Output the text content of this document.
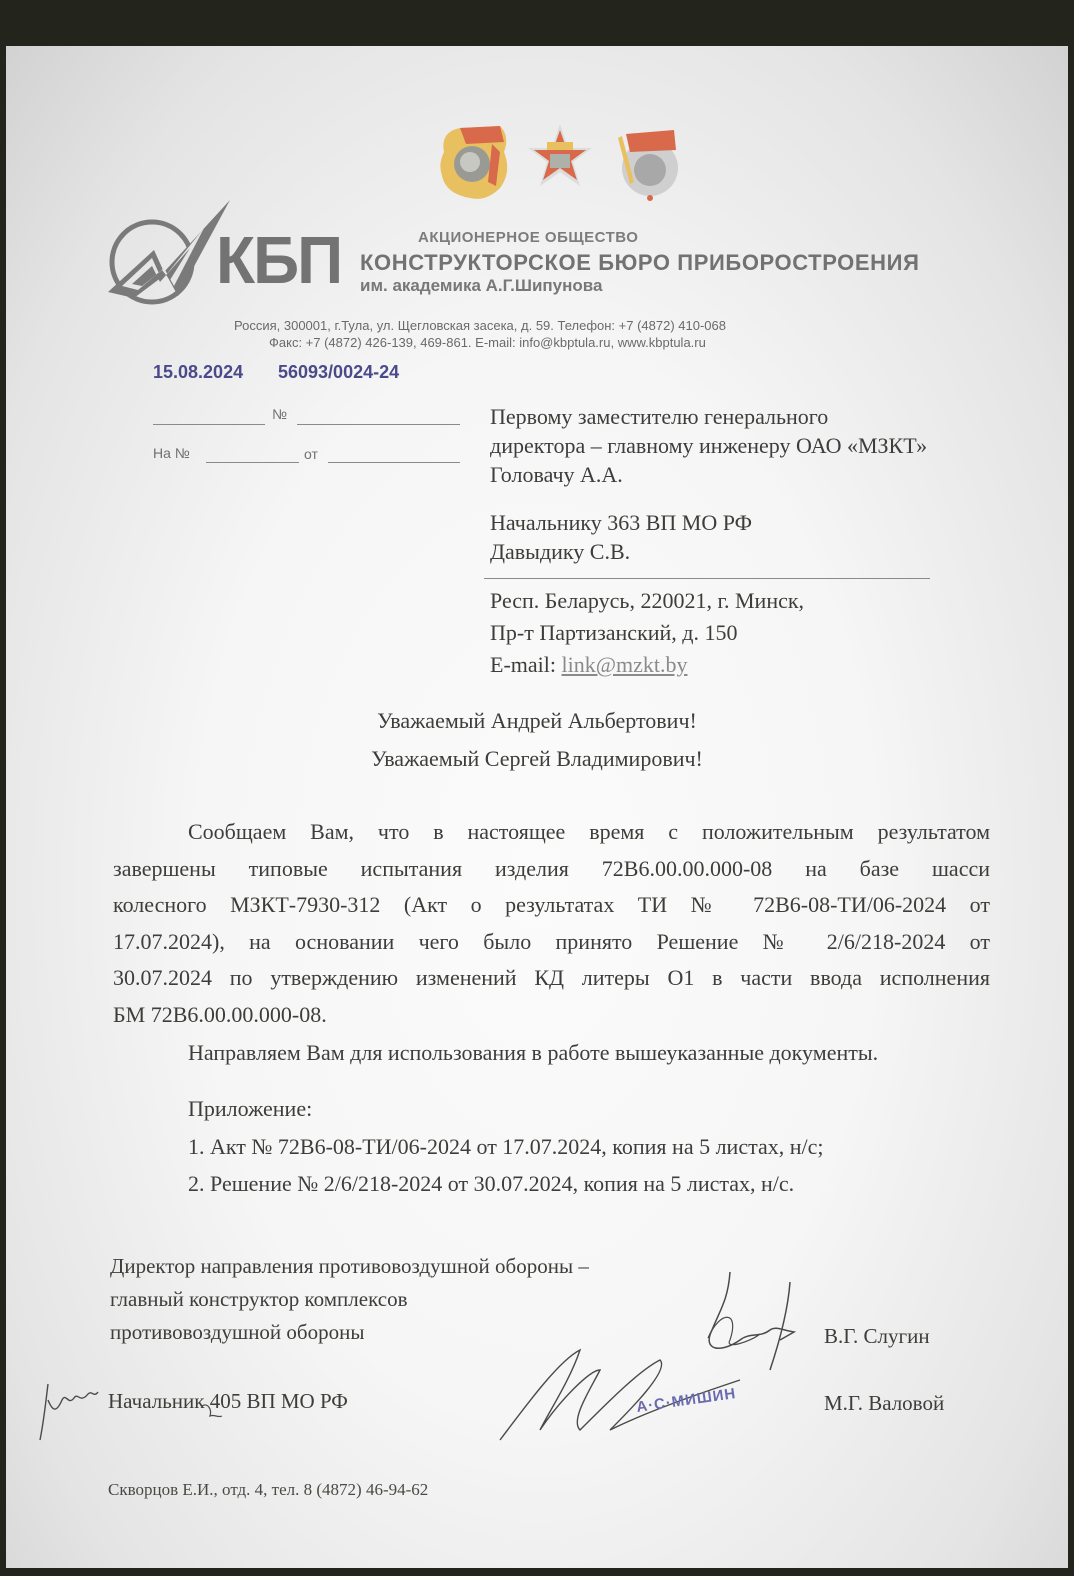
КБП	АКЦИОНЕРНОЕ ОБЩЕСТВО
КОНСТРУКТОРСКОЕ БЮРО ПРИБОРОСТРОЕНИЯ
им. академика А.Г.Шипунова
Россия, 300001, г.Тула, ул. Щегловская засека, д. 59. Телефон: +7 (4872) 410-068
Факс: +7 (4872) 426-139, 469-861. E-mail: info@kbptula.ru, www.kbptula.ru
15.08.2024 56093/0024-24
№
На №	от
Первому заместителю генерального
директора – главному инженеру ОАО «МЗКТ»
Головачу А.А.
Начальнику 363 ВП МО РФ
Давыдику С.В.
Респ. Беларусь, 220021, г. Минск,
Пр-т Партизанский, д. 150
E-mail: link@mzkt.by
Уважаемый Андрей Альбертович!
Уважаемый Сергей Владимирович!
Сообщаем Вам, что в настоящее время с положительным результатом
завершены типовые испытания изделия 72В6.00.00.000-08 на базе шасси
колесного МЗКТ-7930-312 (Акт о результатах ТИ № 72В6-08-ТИ/06-2024 от
17.07.2024), на основании чего было принято Решение № 2/6/218-2024 от
30.07.2024 по утверждению изменений КД литеры О1 в части ввода исполнения
БМ 72В6.00.00.000-08.
Направляем Вам для использования в работе вышеуказанные документы.
Приложение:
1. Акт № 72В6-08-ТИ/06-2024 от 17.07.2024, копия на 5 листах, н/с;
2. Решение № 2/6/218-2024 от 30.07.2024, копия на 5 листах, н/с.
Директор направления противовоздушной обороны –
главный конструктор комплексов
противовоздушной обороны	В.Г. Слугин
Начальник 405 ВП МО РФ	М.Г. Валовой
А·С·МИШИН
Скворцов Е.И., отд. 4, тел. 8 (4872) 46-94-62
